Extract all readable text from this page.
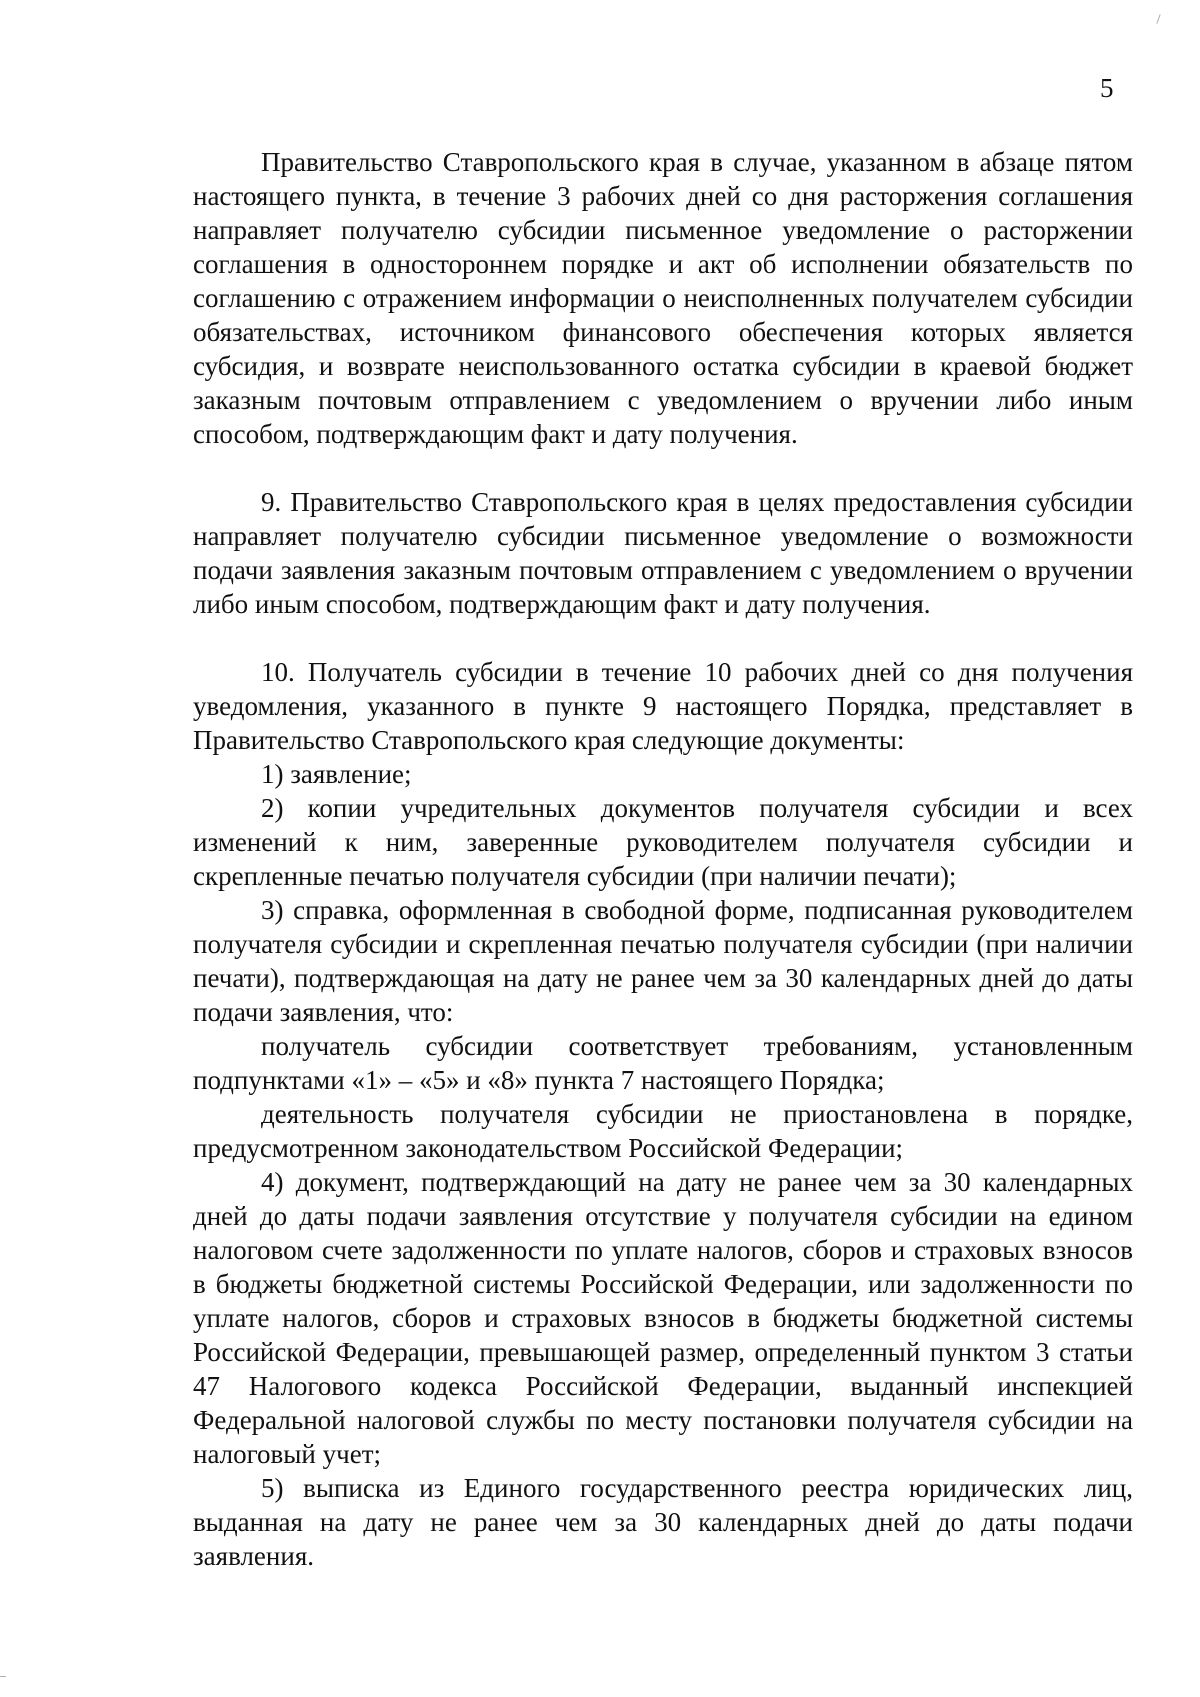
5

Правительство Ставропольского края в случае, указанном в абзаце пятом настоящего пункта, в течение 3 рабочих дней со дня расторжения соглашения направляет получателю субсидии письменное уведомление о расторжении соглашения в одностороннем порядке и акт об исполнении обязательств по соглашению с отражением информации о неисполненных получателем субсидии обязательствах, источником финансового обеспечения которых является субсидия, и возврате неиспользованного остатка субсидии в краевой бюджет заказным почтовым отправлением с уведомлением о вручении либо иным способом, подтверждающим факт и дату получения.

9. Правительство Ставропольского края в целях предоставления субсидии направляет получателю субсидии письменное уведомление о возможности подачи заявления заказным почтовым отправлением с уведомлением о вручении либо иным способом, подтверждающим факт и дату получения.

10. Получатель субсидии в течение 10 рабочих дней со дня получения уведомления, указанного в пункте 9 настоящего Порядка, представляет в Правительство Ставропольского края следующие документы:

1) заявление;

2) копии учредительных документов получателя субсидии и всех изменений к ним, заверенные руководителем получателя субсидии и скрепленные печатью получателя субсидии (при наличии печати);

3) справка, оформленная в свободной форме, подписанная руководителем получателя субсидии и скрепленная печатью получателя субсидии (при наличии печати), подтверждающая на дату не ранее чем за 30 календарных дней до даты подачи заявления, что:

получатель субсидии соответствует требованиям, установленным подпунктами «1» – «5» и «8» пункта 7 настоящего Порядка;

деятельность получателя субсидии не приостановлена в порядке, предусмотренном законодательством Российской Федерации;

4) документ, подтверждающий на дату не ранее чем за 30 календарных дней до даты подачи заявления отсутствие у получателя субсидии на едином налоговом счете задолженности по уплате налогов, сборов и страховых взносов в бюджеты бюджетной системы Российской Федерации, или задолженности по уплате налогов, сборов и страховых взносов в бюджеты бюджетной системы Российской Федерации, превышающей размер, определенный пунктом 3 статьи 47 Налогового кодекса Российской Федерации, выданный инспекцией Федеральной налоговой службы по месту постановки получателя субсидии на налоговый учет;

5) выписка из Единого государственного реестра юридических лиц, выданная на дату не ранее чем за 30 календарных дней до даты подачи заявления.
